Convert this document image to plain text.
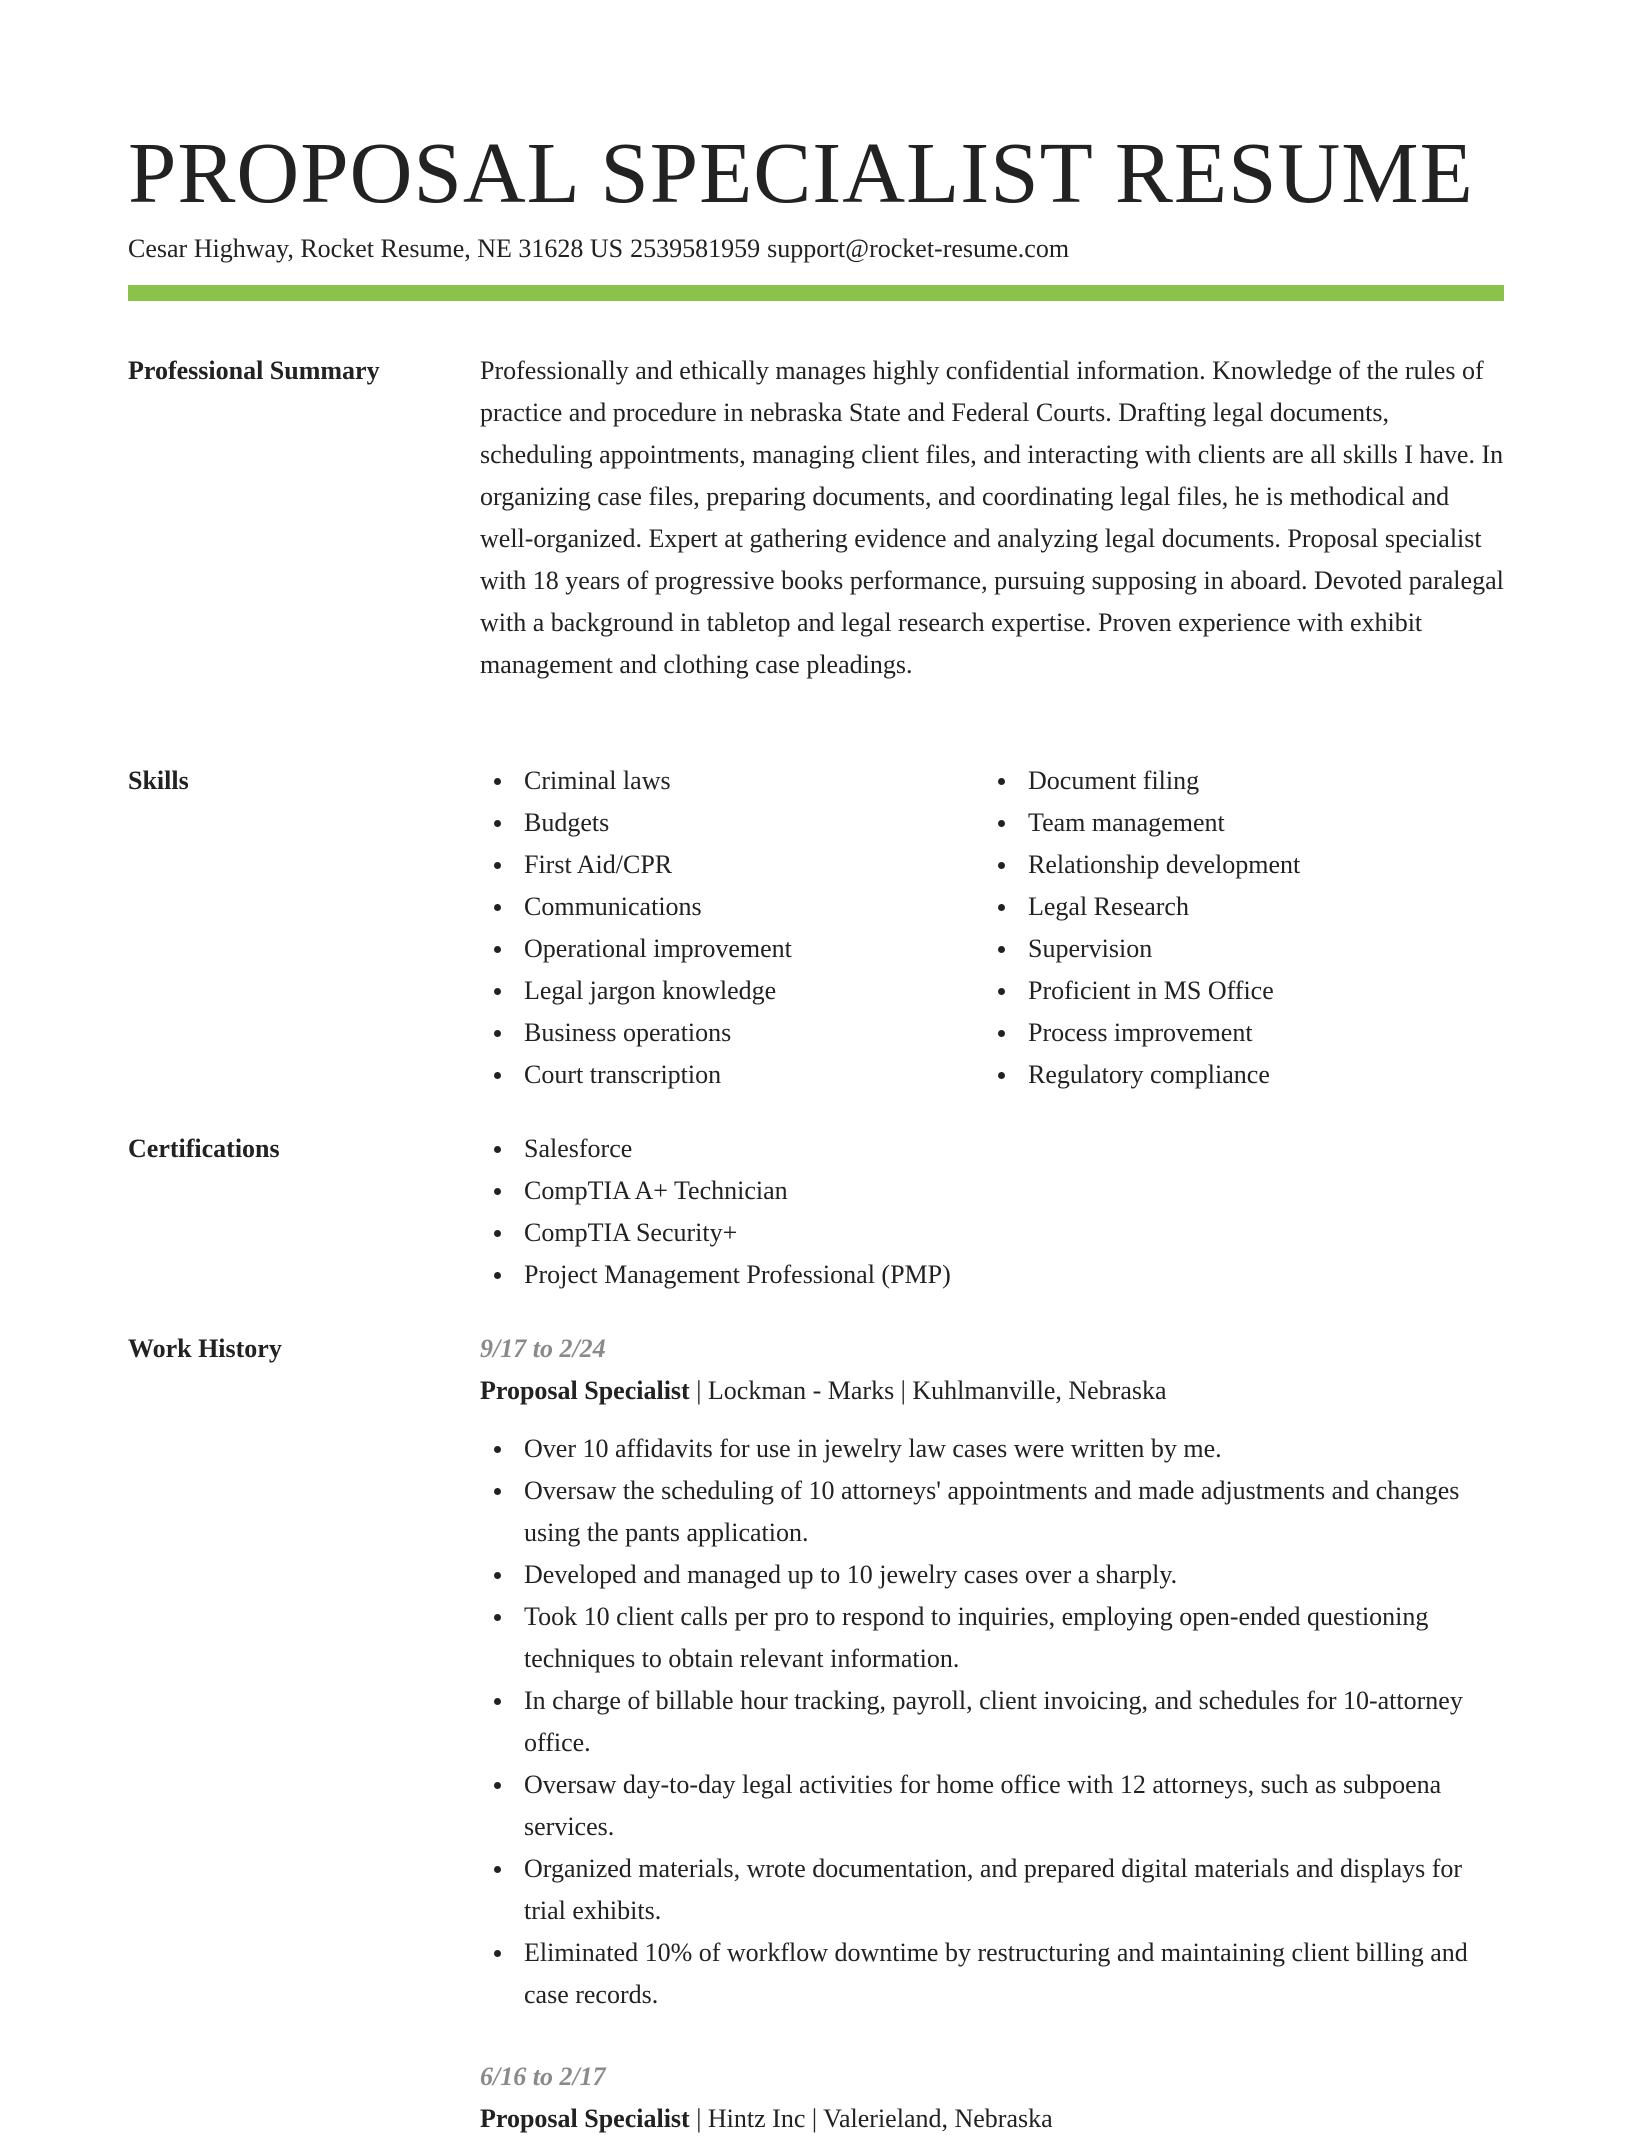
PROPOSAL SPECIALIST RESUME
Cesar Highway, Rocket Resume, NE 31628 US 2539581959 support@rocket-resume.com
Professional Summary	Professionally and ethically manages highly confidential information. Knowledge of the rules of practice and procedure in nebraska State and Federal Courts. Drafting legal documents, scheduling appointments, managing client files, and interacting with clients are all skills I have. In organizing case files, preparing documents, and coordinating legal files, he is methodical and well-organized. Expert at gathering evidence and analyzing legal documents. Proposal specialist with 18 years of progressive books performance, pursuing supposing in aboard. Devoted paralegal with a background in tabletop and legal research expertise. Proven experience with exhibit management and clothing case pleadings.

Skills	Criminal laws
Budgets
First Aid/CPR
Communications
Operational improvement
Legal jargon knowledge
Business operations
Court transcription
Document filing
Team management
Relationship development
Legal Research
Supervision
Proficient in MS Office
Process improvement
Regulatory compliance
Certifications	Salesforce
CompTIA A+ Technician
CompTIA Security+
Project Management Professional (PMP)
Work History	9/17 to 2/24
Proposal Specialist | Lockman - Marks | Kuhlmanville, Nebraska
Over 10 affidavits for use in jewelry law cases were written by me.
Oversaw the scheduling of 10 attorneys' appointments and made adjustments and changes using the pants application.
Developed and managed up to 10 jewelry cases over a sharply.
Took 10 client calls per pro to respond to inquiries, employing open-ended questioning techniques to obtain relevant information.
In charge of billable hour tracking, payroll, client invoicing, and schedules for 10-attorney office.
Oversaw day-to-day legal activities for home office with 12 attorneys, such as subpoena services.
Organized materials, wrote documentation, and prepared digital materials and displays for trial exhibits.
Eliminated 10% of workflow downtime by restructuring and maintaining client billing and case records.
6/16 to 2/17
Proposal Specialist | Hintz Inc | Valerieland, Nebraska
